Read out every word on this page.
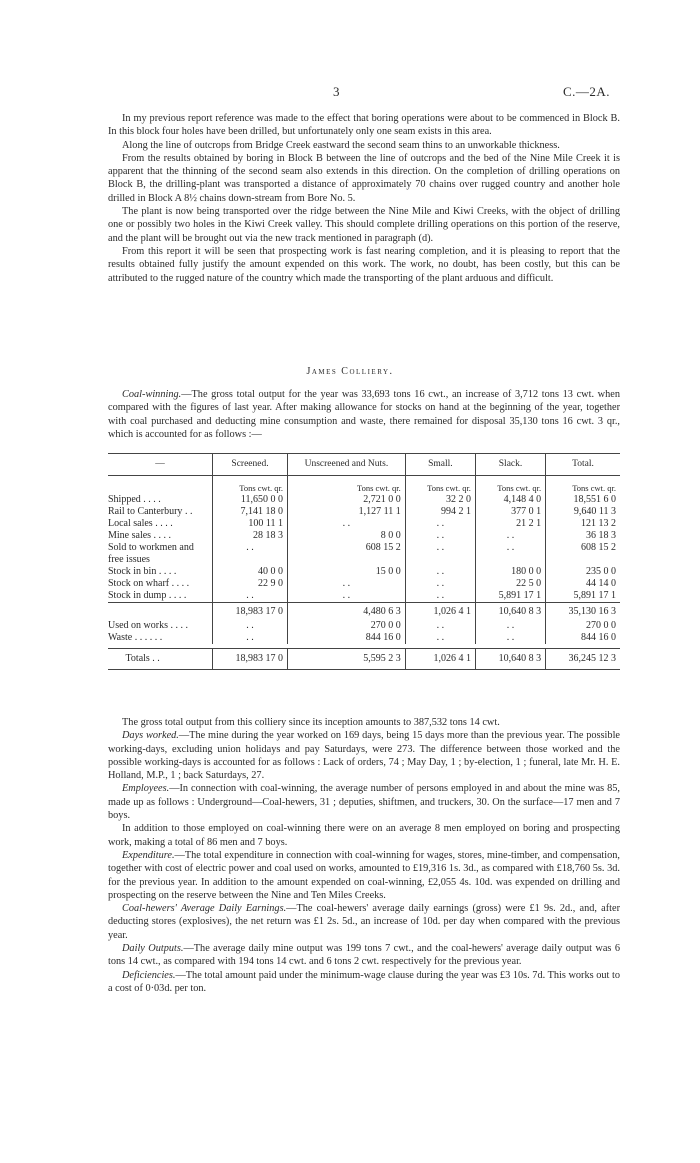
3	C.—2A.

In my previous report reference was made to the effect that boring operations were about to be commenced in Block B. In this block four holes have been drilled, but unfortunately only one seam exists in this area.

Along the line of outcrops from Bridge Creek eastward the second seam thins to an unworkable thickness.

From the results obtained by boring in Block B between the line of outcrops and the bed of the Nine Mile Creek it is apparent that the thinning of the second seam also extends in this direction. On the completion of drilling operations on Block B, the drilling-plant was transported a distance of approximately 70 chains over rugged country and another hole drilled in Block A 8½ chains down-stream from Bore No. 5.

The plant is now being transported over the ridge between the Nine Mile and Kiwi Creeks, with the object of drilling one or possibly two holes in the Kiwi Creek valley. This should complete drilling operations on this portion of the reserve, and the plant will be brought out via the new track mentioned in paragraph (d).

From this report it will be seen that prospecting work is fast nearing completion, and it is pleasing to report that the results obtained fully justify the amount expended on this work. The work, no doubt, has been costly, but this can be attributed to the rugged nature of the country which made the transporting of the plant arduous and difficult.

James Colliery.

Coal-winning.—The gross total output for the year was 33,693 tons 16 cwt., an increase of 3,712 tons 13 cwt. when compared with the figures of last year. After making allowance for stocks on hand at the beginning of the year, together with coal purchased and deducting mine consumption and waste, there remained for disposal 35,130 tons 16 cwt. 3 qr., which is accounted for as follows :—

—	Screened.	Unscreened and Nuts.	Small.	Slack.	Total.
	Tons cwt. qr.	Tons cwt. qr.	Tons cwt. qr.	Tons cwt. qr.	Tons cwt. qr.
Shipped . . . .	11,650 0 0	2,721 0 0	32 2 0	4,148 4 0	18,551 6 0
Rail to Canterbury . .	7,141 18 0	1,127 11 1	994 2 1	377 0 1	9,640 11 3
Local sales . . . .	100 11 1	. .	. .	21 2 1	121 13 2
Mine sales . . . .	28 18 3	8 0 0	. .	. .	36 18 3
Sold to workmen and free issues	. .	608 15 2	. .	. .	608 15 2
Stock in bin . . . .	40 0 0	15 0 0	. .	180 0 0	235 0 0
Stock on wharf . . . .	22 9 0	. .	. .	22 5 0	44 14 0
Stock in dump . . . .	. .	. .	. .	5,891 17 1	5,891 17 1
	18,983 17 0	4,480 6 3	1,026 4 1	10,640 8 3	35,130 16 3
Used on works . . . .	. .	270 0 0	. .	. .	270 0 0
Waste . . . . . .	. .	844 16 0	. .	. .	844 16 0

Totals . .	18,983 17 0	5,595 2 3	1,026 4 1	10,640 8 3	36,245 12 3

The gross total output from this colliery since its inception amounts to 387,532 tons 14 cwt.

Days worked.—The mine during the year worked on 169 days, being 15 days more than the previous year. The possible working-days, excluding union holidays and pay Saturdays, were 273. The difference between those worked and the possible working-days is accounted for as follows : Lack of orders, 74 ; May Day, 1 ; by-election, 1 ; funeral, late Mr. H. E. Holland, M.P., 1 ; back Saturdays, 27.

Employees.—In connection with coal-winning, the average number of persons employed in and about the mine was 85, made up as follows : Underground—Coal-hewers, 31 ; deputies, shiftmen, and truckers, 30. On the surface—17 men and 7 boys.

In addition to those employed on coal-winning there were on an average 8 men employed on boring and prospecting work, making a total of 86 men and 7 boys.

Expenditure.—The total expenditure in connection with coal-winning for wages, stores, mine-timber, and compensation, together with cost of electric power and coal used on works, amounted to £19,316 1s. 3d., as compared with £18,760 5s. 3d. for the previous year. In addition to the amount expended on coal-winning, £2,055 4s. 10d. was expended on drilling and prospecting on the reserve between the Nine and Ten Miles Creeks.

Coal-hewers' Average Daily Earnings.—The coal-hewers' average daily earnings (gross) were £1 9s. 2d., and, after deducting stores (explosives), the net return was £1 2s. 5d., an increase of 10d. per day when compared with the previous year.

Daily Outputs.—The average daily mine output was 199 tons 7 cwt., and the coal-hewers' average daily output was 6 tons 14 cwt., as compared with 194 tons 14 cwt. and 6 tons 2 cwt. respectively for the previous year.

Deficiencies.—The total amount paid under the minimum-wage clause during the year was £3 10s. 7d. This works out to a cost of 0·03d. per ton.
